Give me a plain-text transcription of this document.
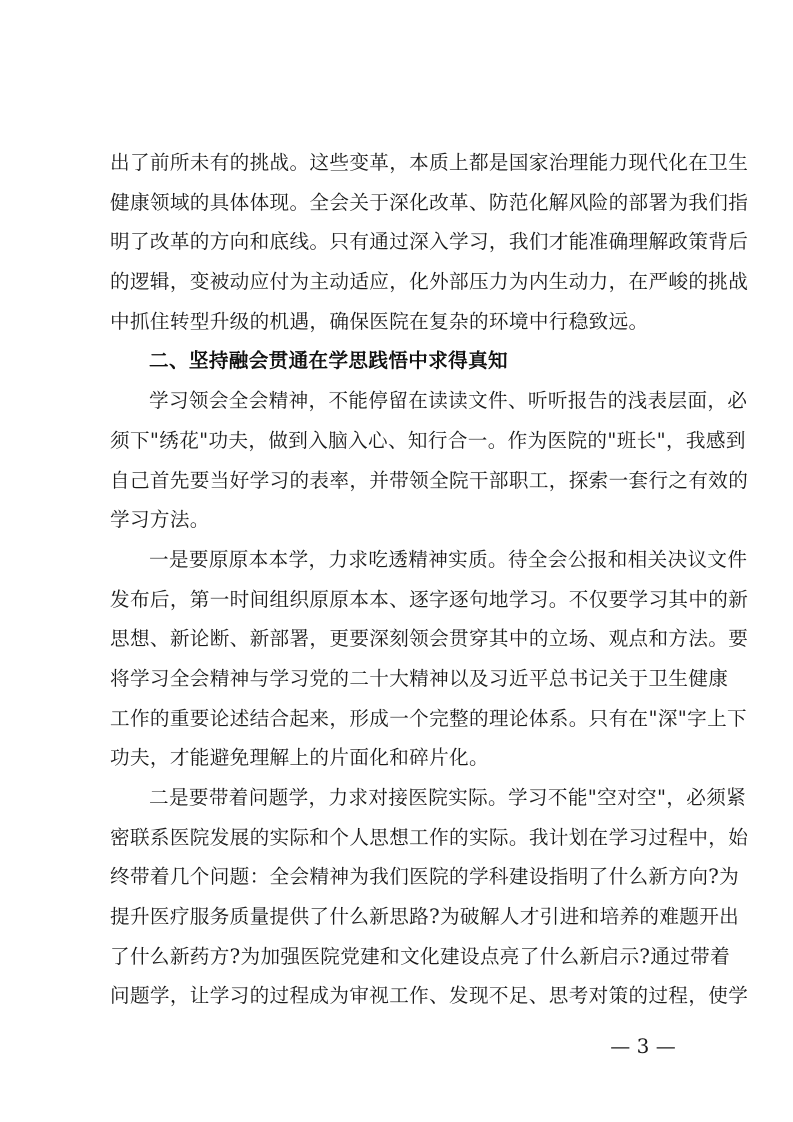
出了前所未有的挑战。这些变革，本质上都是国家治理能力现代化在卫生
健康领域的具体体现。全会关于深化改革、防范化解风险的部署为我们指
明了改革的方向和底线。只有通过深入学习，我们才能准确理解政策背后
的逻辑，变被动应付为主动适应，化外部压力为内生动力，在严峻的挑战
中抓住转型升级的机遇，确保医院在复杂的环境中行稳致远。
二、坚持融会贯通在学思践悟中求得真知
学习领会全会精神，不能停留在读读文件、听听报告的浅表层面，必
须下"绣花"功夫，做到入脑入心、知行合一。作为医院的"班长"，我感到
自己首先要当好学习的表率，并带领全院干部职工，探索一套行之有效的
学习方法。
一是要原原本本学，力求吃透精神实质。待全会公报和相关决议文件
发布后，第一时间组织原原本本、逐字逐句地学习。不仅要学习其中的新
思想、新论断、新部署，更要深刻领会贯穿其中的立场、观点和方法。要
将学习全会精神与学习党的二十大精神以及习近平总书记关于卫生健康
工作的重要论述结合起来，形成一个完整的理论体系。只有在"深"字上下
功夫，才能避免理解上的片面化和碎片化。
二是要带着问题学，力求对接医院实际。学习不能"空对空"，必须紧
密联系医院发展的实际和个人思想工作的实际。我计划在学习过程中，始
终带着几个问题：全会精神为我们医院的学科建设指明了什么新方向?为
提升医疗服务质量提供了什么新思路?为破解人才引进和培养的难题开出
了什么新药方?为加强医院党建和文化建设点亮了什么新启示?通过带着
问题学，让学习的过程成为审视工作、发现不足、思考对策的过程，使学
— 3 —
